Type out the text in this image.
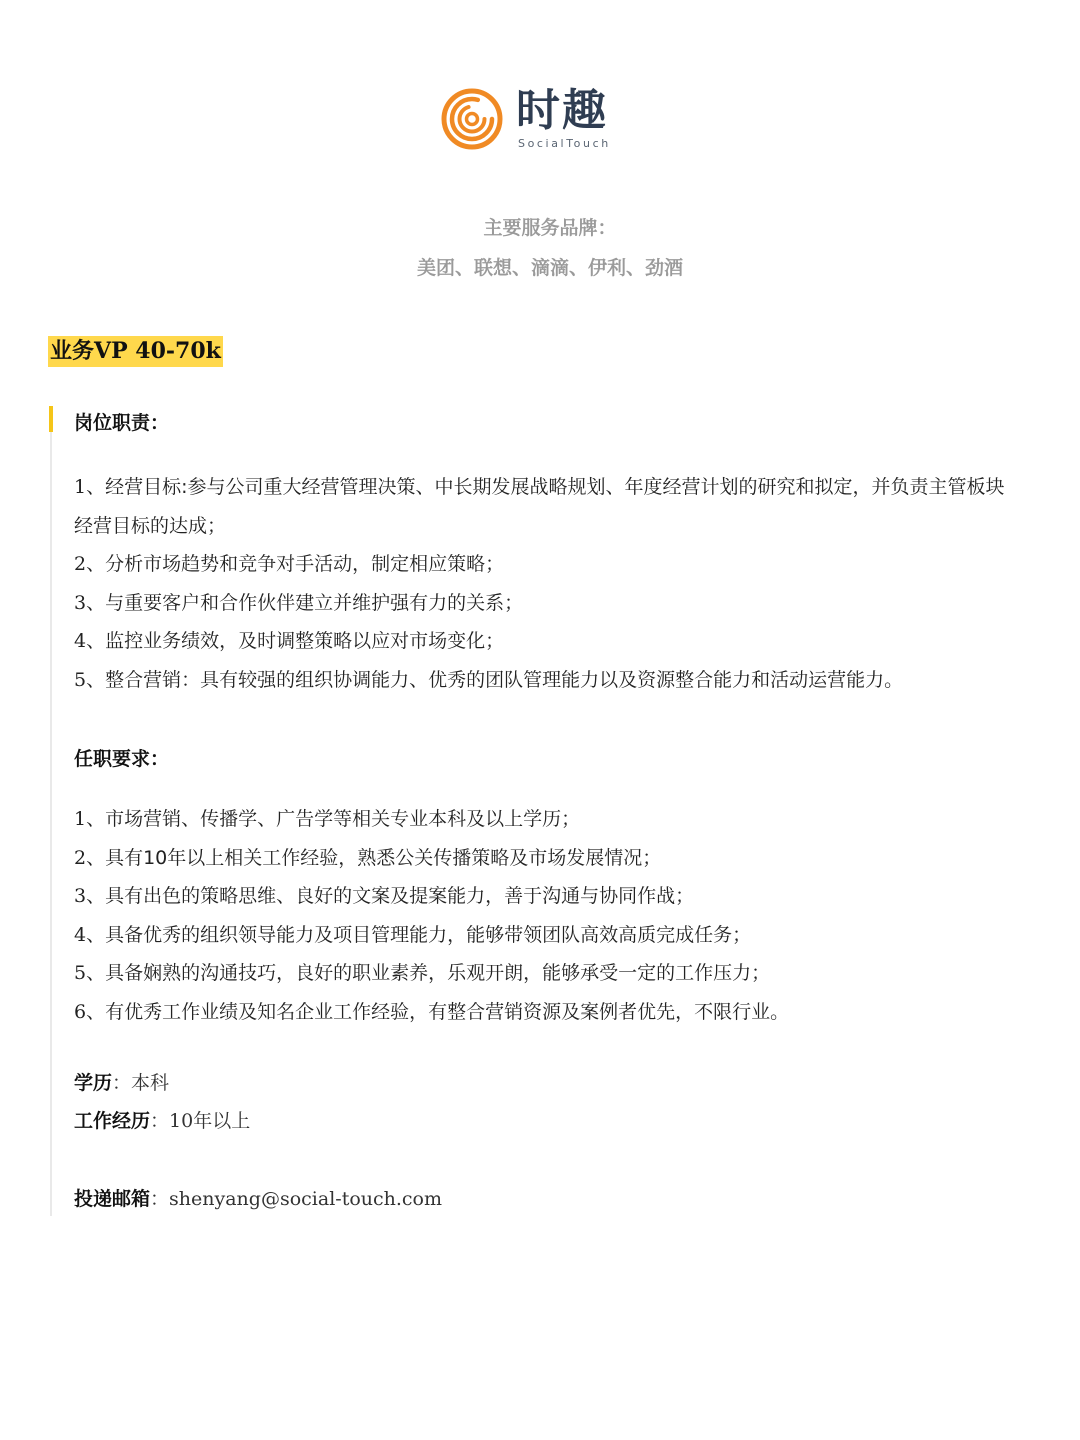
时趣
SocialTouch
主要服务品牌：
美团、联想、滴滴、伊利、劲酒
业务VP 40-70k
岗位职责：
1、经营目标:参与公司重大经营管理决策、中长期发展战略规划、年度经营计划的研究和拟定，并负责主管板块经营目标的达成；
2、分析市场趋势和竞争对手活动，制定相应策略；
3、与重要客户和合作伙伴建立并维护强有力的关系；
4、监控业务绩效，及时调整策略以应对市场变化；
5、整合营销：具有较强的组织协调能力、优秀的团队管理能力以及资源整合能力和活动运营能力。
任职要求：
1、市场营销、传播学、广告学等相关专业本科及以上学历；
2、具有10年以上相关工作经验，熟悉公关传播策略及市场发展情况；
3、具有出色的策略思维、良好的文案及提案能力，善于沟通与协同作战；
4、具备优秀的组织领导能力及项目管理能力，能够带领团队高效高质完成任务；
5、具备娴熟的沟通技巧，良好的职业素养，乐观开朗，能够承受一定的工作压力；
6、有优秀工作业绩及知名企业工作经验，有整合营销资源及案例者优先，不限行业。
学历：本科
工作经历：10年以上
投递邮箱：shenyang@social-touch.com
